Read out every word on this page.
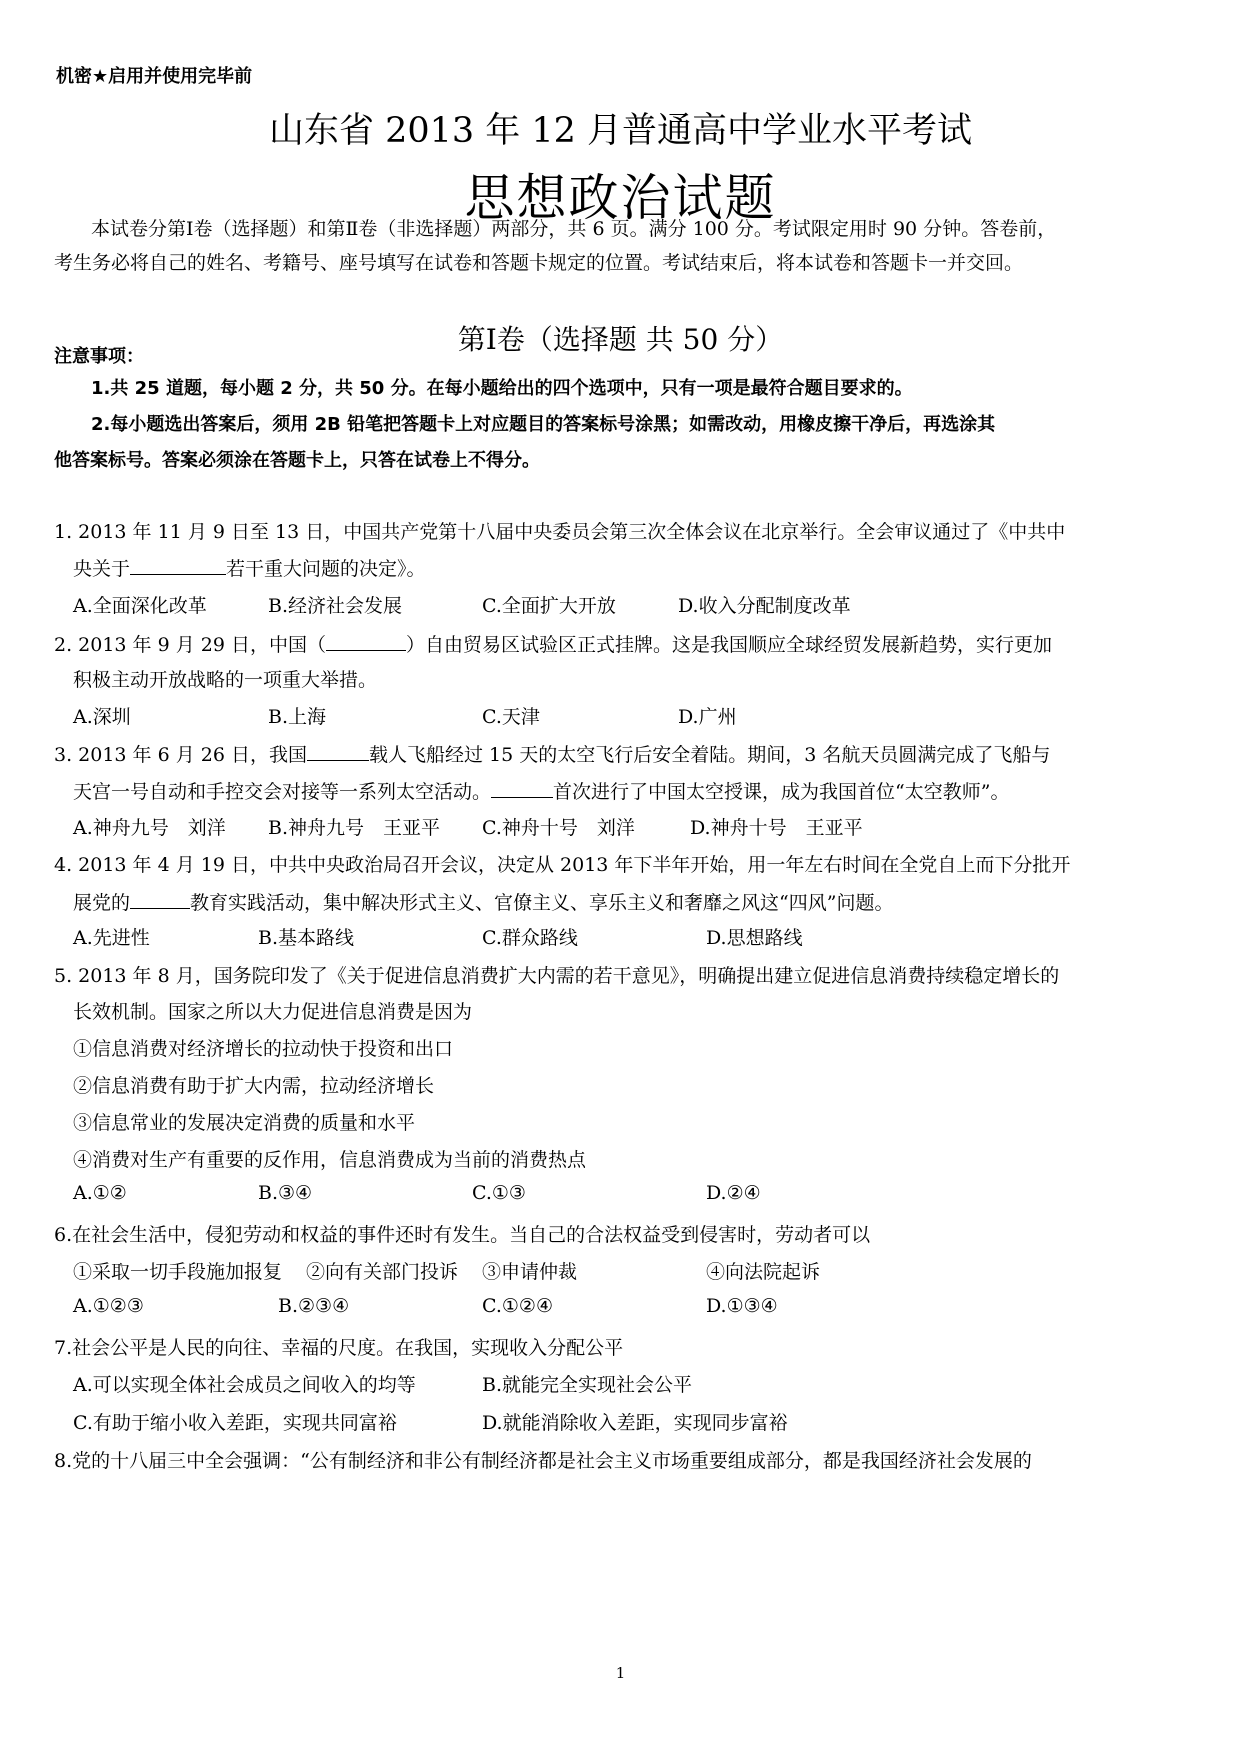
机密★启用并使用完毕前
山东省 2013 年 12 月普通高中学业水平考试
思想政治试题
本试卷分第Ⅰ卷（选择题）和第Ⅱ卷（非选择题）两部分，共 6 页。满分 100 分。考试限定用时 90 分钟。答卷前，
考生务必将自己的姓名、考籍号、座号填写在试卷和答题卡规定的位置。考试结束后，将本试卷和答题卡一并交回。
第Ⅰ卷（选择题 共 50 分）
注意事项：
1.共 25 道题，每小题 2 分，共 50 分。在每小题给出的四个选项中，只有一项是最符合题目要求的。
2.每小题选出答案后，须用 2B 铅笔把答题卡上对应题目的答案标号涂黑；如需改动，用橡皮擦干净后，再选涂其
他答案标号。答案必须涂在答题卡上，只答在试卷上不得分。
1. 2013 年 11 月 9 日至 13 日，中国共产党第十八届中央委员会第三次全体会议在北京举行。全会审议通过了《中共中
央关于	若干重大问题的决定》。
A.全面深化改革	B.经济社会发展	C.全面扩大开放	D.收入分配制度改革
2. 2013 年 9 月 29 日，中国（	）自由贸易区试验区正式挂牌。这是我国顺应全球经贸发展新趋势，实行更加
积极主动开放战略的一项重大举措。
A.深圳	B.上海	C.天津	D.广州
3. 2013 年 6 月 26 日，我国	载人飞船经过 15 天的太空飞行后安全着陆。期间，3 名航天员圆满完成了飞船与
天宫一号自动和手控交会对接等一系列太空活动。	首次进行了中国太空授课，成为我国首位“太空教师”。
A.神舟九号　刘洋 B.神舟九号　王亚平 C.神舟十号　刘洋	D.神舟十号　王亚平
4. 2013 年 4 月 19 日，中共中央政治局召开会议，决定从 2013 年下半年开始，用一年左右时间在全党自上而下分批开
展党的	教育实践活动，集中解决形式主义、官僚主义、享乐主义和奢靡之风这“四风”问题。
A.先进性	B.基本路线	C.群众路线	D.思想路线
5. 2013 年 8 月，国务院印发了《关于促进信息消费扩大内需的若干意见》，明确提出建立促进信息消费持续稳定增长的
长效机制。国家之所以大力促进信息消费是因为
①信息消费对经济增长的拉动快于投资和出口
②信息消费有助于扩大内需，拉动经济增长
③信息常业的发展决定消费的质量和水平
④消费对生产有重要的反作用，信息消费成为当前的消费热点
A.①②	B.③④	C.①③	D.②④
6.在社会生活中，侵犯劳动和权益的事件还时有发生。当自己的合法权益受到侵害时，劳动者可以
①采取一切手段施加报复 ②向有关部门投诉 ③申请仲裁	④向法院起诉
A.①②③	B.②③④	C.①②④	D.①③④
7.社会公平是人民的向往、幸福的尺度。在我国，实现收入分配公平
A.可以实现全体社会成员之间收入的均等	B.就能完全实现社会公平
C.有助于缩小收入差距，实现共同富裕	D.就能消除收入差距，实现同步富裕
8.党的十八届三中全会强调：“公有制经济和非公有制经济都是社会主义市场重要组成部分，都是我国经济社会发展的
1
